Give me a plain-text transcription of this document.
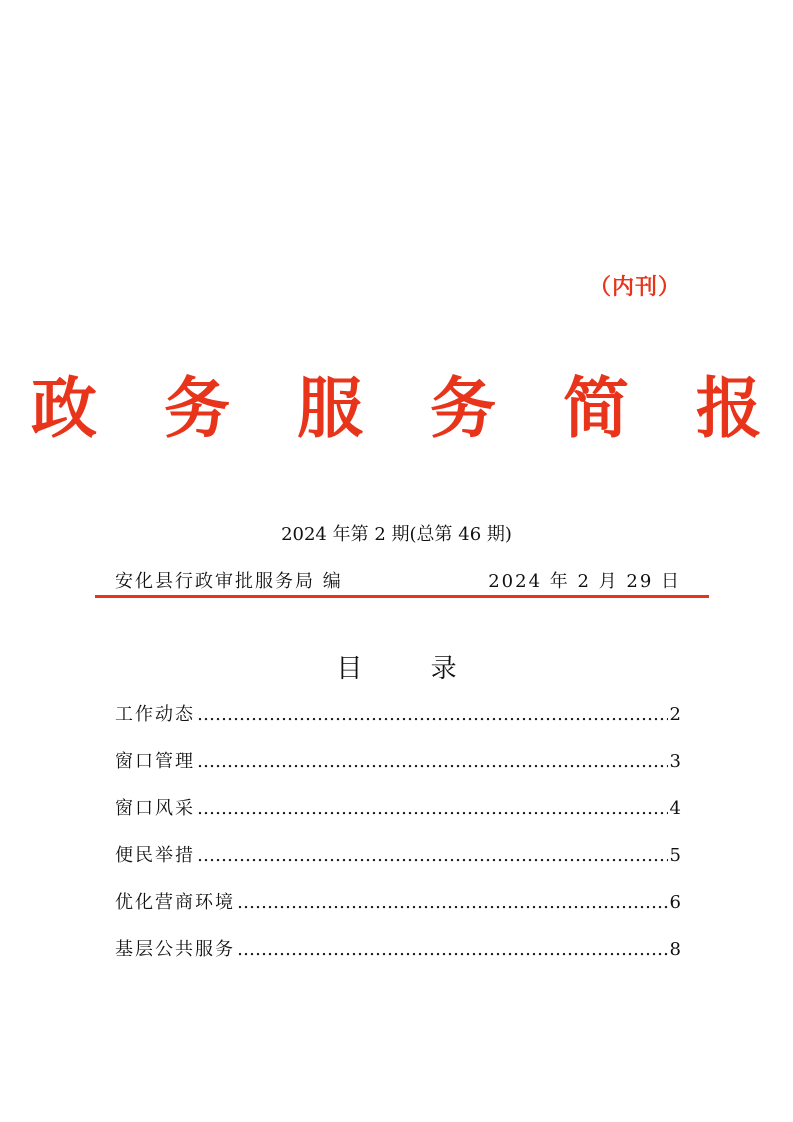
（内刊）
政 务 服 务 简 报
2024 年第 2 期(总第 46 期)
安化县行政审批服务局 编	2024 年 2 月 29 日
目 录
工作动态 …………………………………………………………………………………………………………………………………………	2
窗口管理 …………………………………………………………………………………………………………………………………………	3
窗口风采 …………………………………………………………………………………………………………………………………………	4
便民举措 …………………………………………………………………………………………………………………………………………	5
优化营商环境 …………………………………………………………………………………………………………………………………………	6
基层公共服务 …………………………………………………………………………………………………………………………………………	8
